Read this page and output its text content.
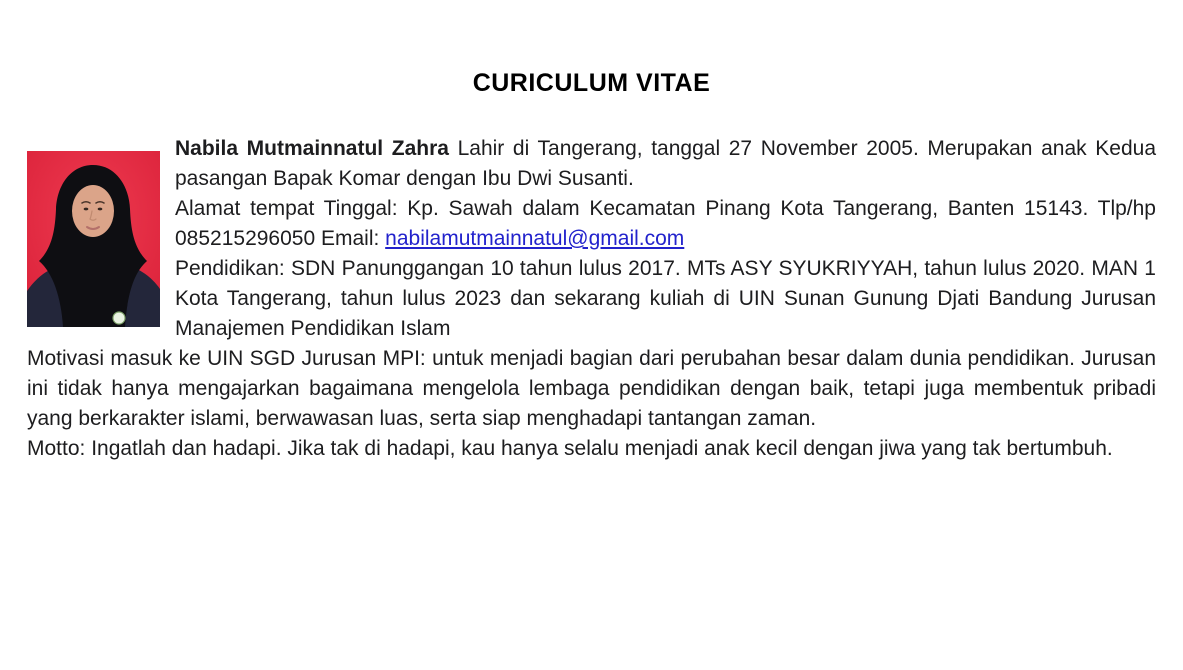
CURICULUM VITAE

Nabila Mutmainnatul Zahra Lahir di Tangerang, tanggal 27 November 2005. Merupakan anak Kedua pasangan Bapak Komar dengan Ibu Dwi Susanti.

Alamat tempat Tinggal: Kp. Sawah dalam Kecamatan Pinang Kota Tangerang, Banten 15143. Tlp/hp 085215296050 Email: nabilamutmainnatul@gmail.com

Pendidikan: SDN Panunggangan 10 tahun lulus 2017. MTs ASY SYUKRIYYAH, tahun lulus 2020. MAN 1 Kota Tangerang, tahun lulus 2023 dan sekarang kuliah di UIN Sunan Gunung Djati Bandung Jurusan Manajemen Pendidikan Islam

Motivasi masuk ke UIN SGD Jurusan MPI: untuk menjadi bagian dari perubahan besar dalam dunia pendidikan. Jurusan ini tidak hanya mengajarkan bagaimana mengelola lembaga pendidikan dengan baik, tetapi juga membentuk pribadi yang berkarakter islami, berwawasan luas, serta siap menghadapi tantangan zaman.

Motto: Ingatlah dan hadapi. Jika tak di hadapi, kau hanya selalu menjadi anak kecil dengan jiwa yang tak bertumbuh.
